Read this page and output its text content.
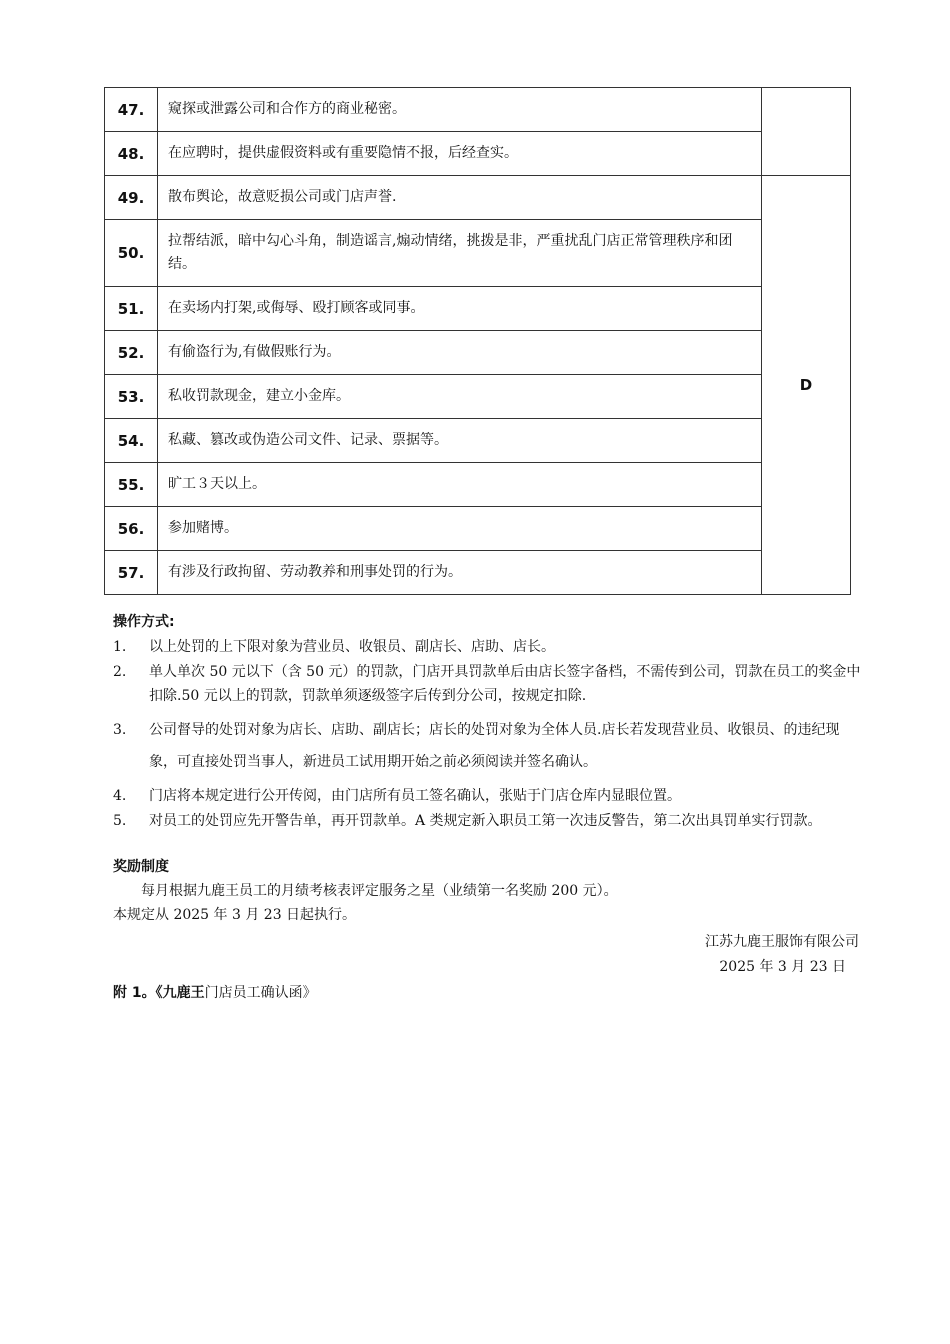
47.	窥探或泄露公司和合作方的商业秘密。	
48.	在应聘时，提供虚假资料或有重要隐情不报，后经查实。	
49.	散布舆论，故意贬损公司或门店声誉.	D
50.	拉帮结派，暗中勾心斗角，制造谣言,煽动情绪，挑拨是非，严重扰乱门店正常管理秩序和团结。	
51.	在卖场内打架,或侮辱、殴打顾客或同事。	
52.	有偷盗行为,有做假账行为。	
53.	私收罚款现金，建立小金库。	
54.	私藏、篡改或伪造公司文件、记录、票据等。	
55.	旷工３天以上。	
56.	参加赌博。	
57.	有涉及行政拘留、劳动教养和刑事处罚的行为。	
操作方式:
1. 以上处罚的上下限对象为营业员、收银员、副店长、店助、店长。
2. 单人单次 50 元以下（含 50 元）的罚款，门店开具罚款单后由店长签字备档，不需传到公司，罚款在员工的奖金中扣除.50 元以上的罚款，罚款单须逐级签字后传到分公司，按规定扣除.
3. 公司督导的处罚对象为店长、店助、副店长；店长的处罚对象为全体人员.店长若发现营业员、收银员、的违纪现象，可直接处罚当事人，新进员工试用期开始之前必须阅读并签名确认。
4. 门店将本规定进行公开传阅，由门店所有员工签名确认，张贴于门店仓库内显眼位置。
5. 对员工的处罚应先开警告单，再开罚款单。A 类规定新入职员工第一次违反警告，第二次出具罚单实行罚款。
奖励制度
每月根据九鹿王员工的月绩考核表评定服务之星（业绩第一名奖励 200 元）。
本规定从 2025 年 3 月 23 日起执行。
江苏九鹿王服饰有限公司
2025 年 3 月 23 日
附 1。《九鹿王门店员工确认函》
